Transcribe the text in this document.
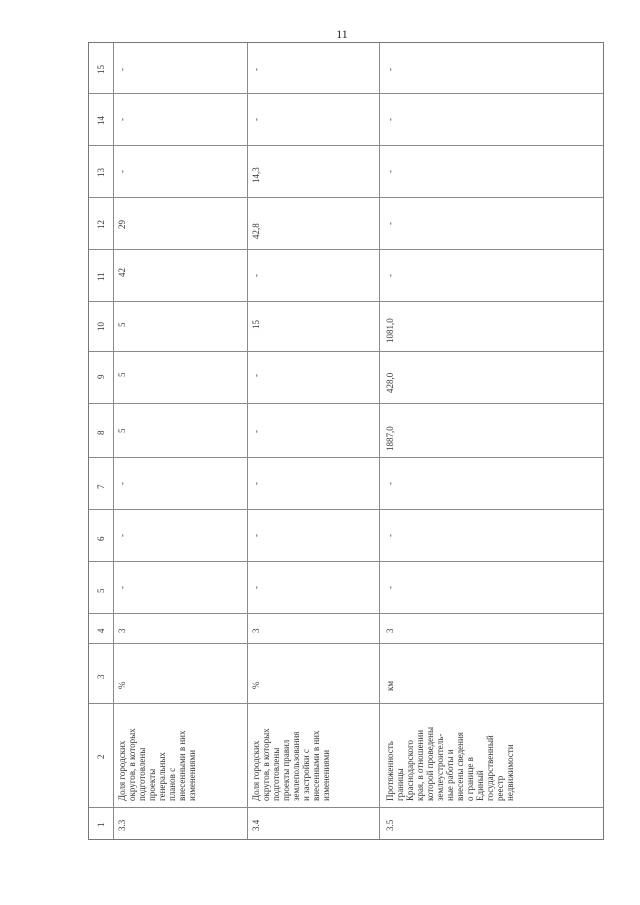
11
15
14
13
12
11
10
9
8
7
6
5
4
3
2
1 3.3
Доля городских
округов, в которых
подготовлены
проекты
генеральных
планов с
внесенными в них
изменениями
%
3
-
-
-
5
5
5
42
29
-
-
-
3.4
Доля городских
округов, в которых
подготовлены
проекты правил
землепользования
и застройки с
внесенными в них
изменениями
%
3
-
-
-
-
-
15
-
42,8
14,3
-
-
3.5
Протяженность
границы
Краснодарского
края, в отношении
которой проведены
землеустроитель-
ные работы и
внесены сведения
о границе в
Единый
государственный
реестр
недвижимости
км
3
-
-
-
1887,0
428,0
1081,0
-
-
-
-
-
